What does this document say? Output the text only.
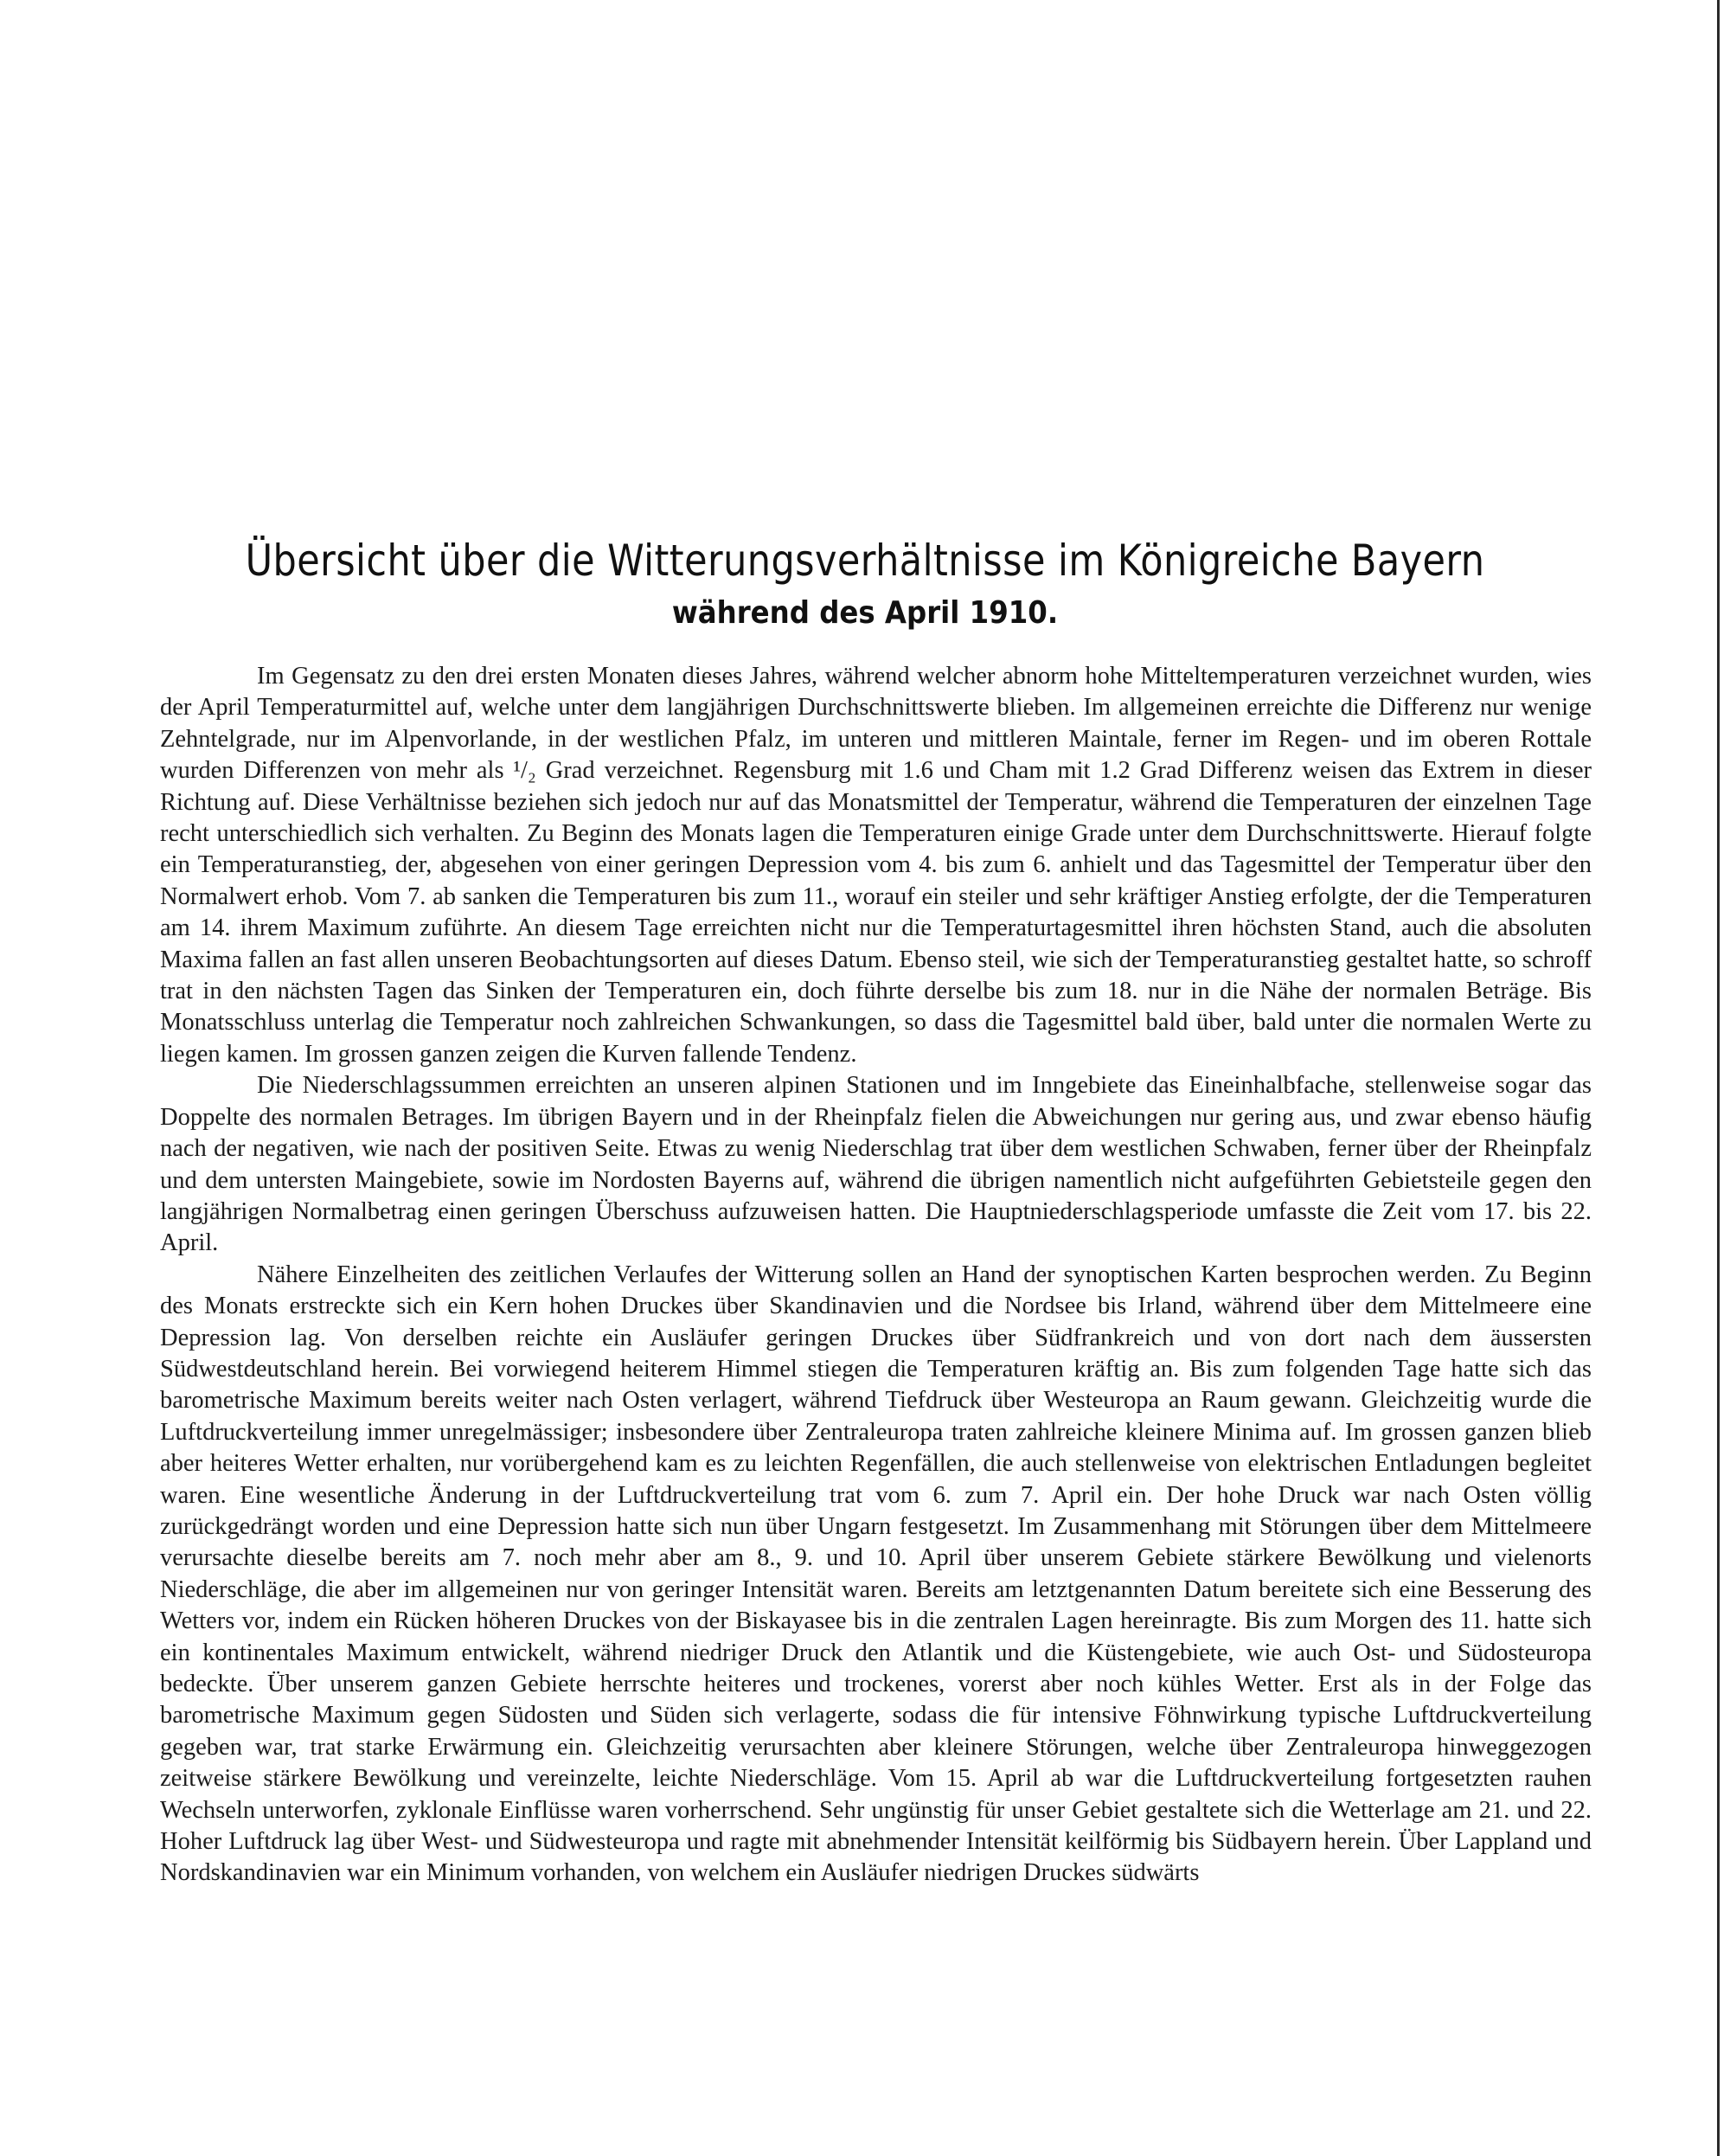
Übersicht über die Witterungsverhältnisse im Königreiche Bayern
während des April 1910.

Im Gegensatz zu den drei ersten Monaten dieses Jahres, während welcher abnorm hohe Mitteltemperaturen verzeichnet wurden, wies der April Temperaturmittel auf, welche unter dem langjährigen Durchschnittswerte blieben. Im allgemeinen erreichte die Differenz nur wenige Zehntelgrade, nur im Alpenvorlande, in der westlichen Pfalz, im unteren und mittleren Maintale, ferner im Regen- und im oberen Rottale wurden Differenzen von mehr als ¹/₂ Grad verzeichnet. Regensburg mit 1.6 und Cham mit 1.2 Grad Differenz weisen das Extrem in dieser Richtung auf. Diese Verhältnisse beziehen sich jedoch nur auf das Monatsmittel der Temperatur, während die Temperaturen der einzelnen Tage recht unterschiedlich sich verhalten. Zu Beginn des Monats lagen die Temperaturen einige Grade unter dem Durchschnittswerte. Hierauf folgte ein Temperaturanstieg, der, abgesehen von einer geringen Depression vom 4. bis zum 6. anhielt und das Tagesmittel der Temperatur über den Normalwert erhob. Vom 7. ab sanken die Temperaturen bis zum 11., worauf ein steiler und sehr kräftiger Anstieg erfolgte, der die Temperaturen am 14. ihrem Maximum zuführte. An diesem Tage erreichten nicht nur die Temperaturtagesmittel ihren höchsten Stand, auch die absoluten Maxima fallen an fast allen unseren Beobachtungsorten auf dieses Datum. Ebenso steil, wie sich der Temperaturanstieg gestaltet hatte, so schroff trat in den nächsten Tagen das Sinken der Temperaturen ein, doch führte derselbe bis zum 18. nur in die Nähe der normalen Beträge. Bis Monatsschluss unterlag die Temperatur noch zahlreichen Schwankungen, so dass die Tagesmittel bald über, bald unter die normalen Werte zu liegen kamen. Im grossen ganzen zeigen die Kurven fallende Tendenz.

Die Niederschlagssummen erreichten an unseren alpinen Stationen und im Inngebiete das Eineinhalbfache, stellenweise sogar das Doppelte des normalen Betrages. Im übrigen Bayern und in der Rheinpfalz fielen die Abweichungen nur gering aus, und zwar ebenso häufig nach der negativen, wie nach der positiven Seite. Etwas zu wenig Niederschlag trat über dem westlichen Schwaben, ferner über der Rheinpfalz und dem untersten Maingebiete, sowie im Nordosten Bayerns auf, während die übrigen namentlich nicht aufgeführten Gebietsteile gegen den langjährigen Normalbetrag einen geringen Überschuss aufzuweisen hatten. Die Hauptniederschlagsperiode umfasste die Zeit vom 17. bis 22. April.

Nähere Einzelheiten des zeitlichen Verlaufes der Witterung sollen an Hand der synoptischen Karten besprochen werden. Zu Beginn des Monats erstreckte sich ein Kern hohen Druckes über Skandinavien und die Nordsee bis Irland, während über dem Mittelmeere eine Depression lag. Von derselben reichte ein Ausläufer geringen Druckes über Südfrankreich und von dort nach dem äussersten Südwestdeutschland herein. Bei vorwiegend heiterem Himmel stiegen die Temperaturen kräftig an. Bis zum folgenden Tage hatte sich das barometrische Maximum bereits weiter nach Osten verlagert, während Tiefdruck über Westeuropa an Raum gewann. Gleichzeitig wurde die Luftdruckverteilung immer unregelmässiger; insbesondere über Zentraleuropa traten zahlreiche kleinere Minima auf. Im grossen ganzen blieb aber heiteres Wetter erhalten, nur vorübergehend kam es zu leichten Regenfällen, die auch stellenweise von elektrischen Entladungen begleitet waren. Eine wesentliche Änderung in der Luftdruckverteilung trat vom 6. zum 7. April ein. Der hohe Druck war nach Osten völlig zurückgedrängt worden und eine Depression hatte sich nun über Ungarn festgesetzt. Im Zusammenhang mit Störungen über dem Mittelmeere verursachte dieselbe bereits am 7. noch mehr aber am 8., 9. und 10. April über unserem Gebiete stärkere Bewölkung und vielenorts Niederschläge, die aber im allgemeinen nur von geringer Intensität waren. Bereits am letztgenannten Datum bereitete sich eine Besserung des Wetters vor, indem ein Rücken höheren Druckes von der Biskayasee bis in die zentralen Lagen hereinragte. Bis zum Morgen des 11. hatte sich ein kontinentales Maximum entwickelt, während niedriger Druck den Atlantik und die Küstengebiete, wie auch Ost- und Südosteuropa bedeckte. Über unserem ganzen Gebiete herrschte heiteres und trockenes, vorerst aber noch kühles Wetter. Erst als in der Folge das barometrische Maximum gegen Südosten und Süden sich verlagerte, sodass die für intensive Föhnwirkung typische Luftdruckverteilung gegeben war, trat starke Erwärmung ein. Gleichzeitig verursachten aber kleinere Störungen, welche über Zentraleuropa hinweggezogen zeitweise stärkere Bewölkung und vereinzelte, leichte Niederschläge. Vom 15. April ab war die Luftdruckverteilung fortgesetzten rauhen Wechseln unterworfen, zyklonale Einflüsse waren vorherrschend. Sehr ungünstig für unser Gebiet gestaltete sich die Wetterlage am 21. und 22. Hoher Luftdruck lag über West- und Südwesteuropa und ragte mit abnehmender Intensität keilförmig bis Südbayern herein. Über Lappland und Nordskandinavien war ein Minimum vorhanden, von welchem ein Ausläufer niedrigen Druckes südwärts
